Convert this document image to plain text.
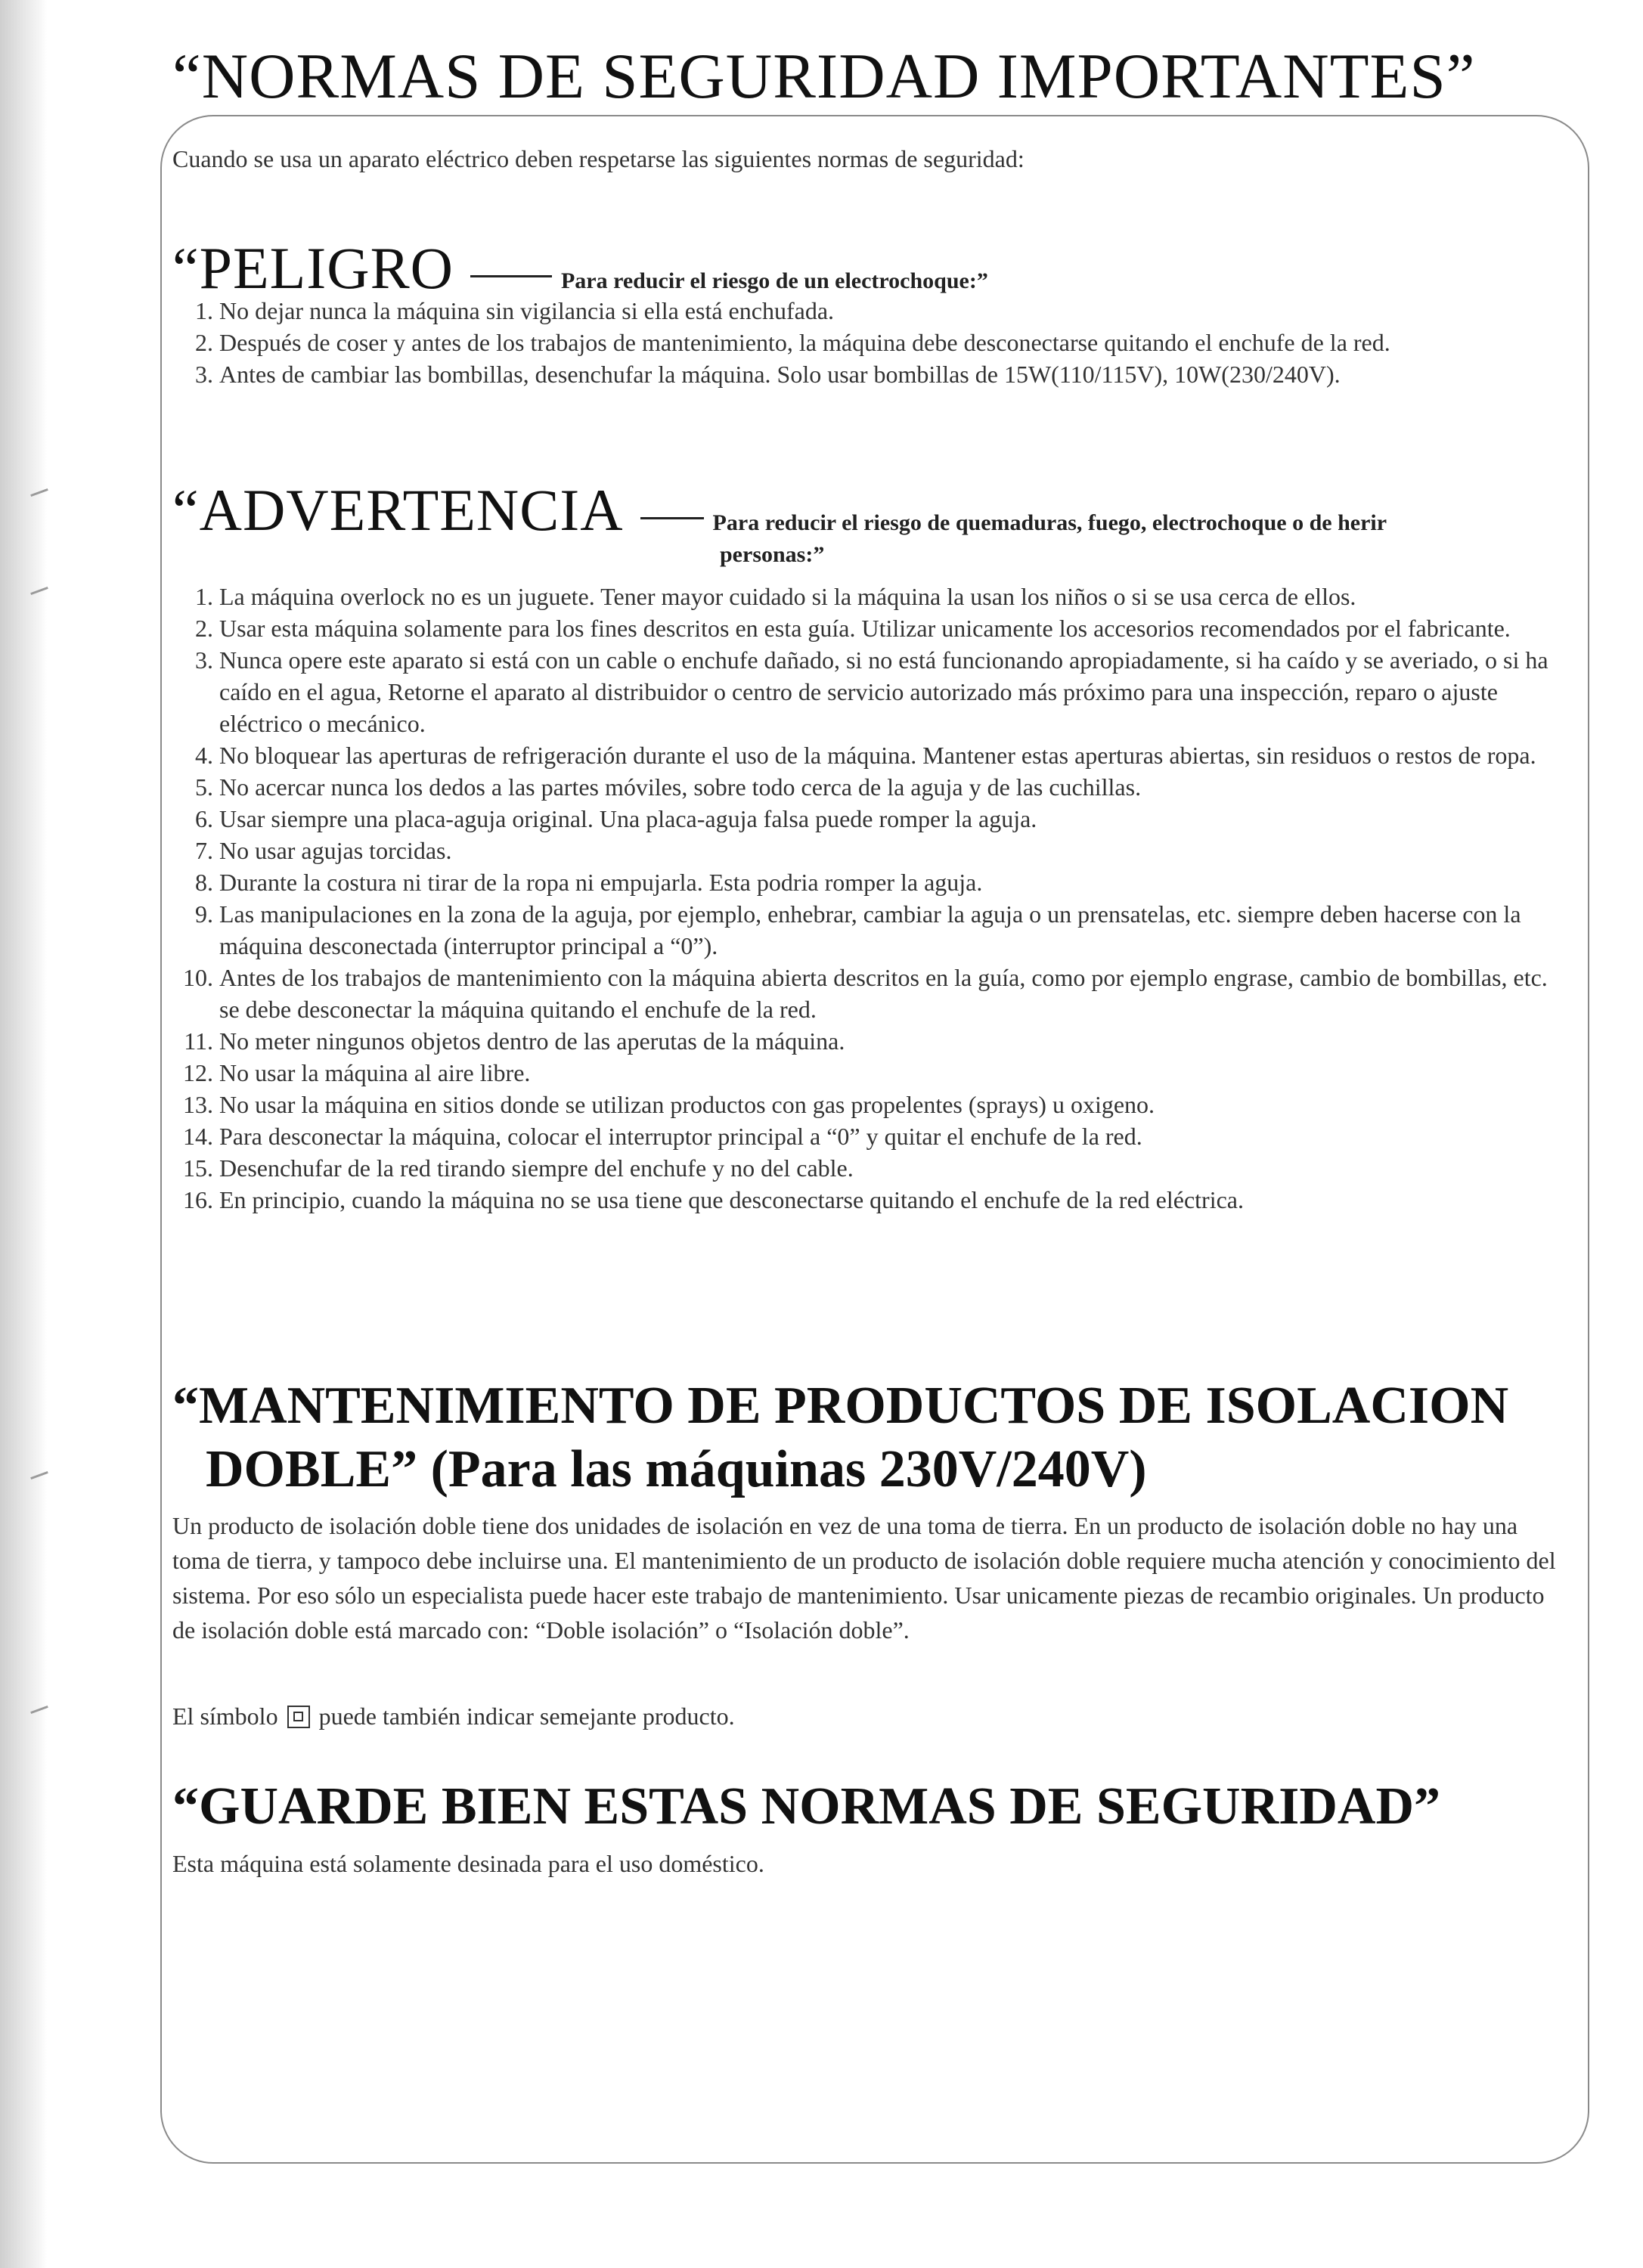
“NORMAS DE SEGURIDAD IMPORTANTES”
Cuando se usa un aparato eléctrico deben respetarse las siguientes normas de seguridad:
“PELIGRO	Para reducir el riesgo de un electrochoque:”
1. No dejar nunca la máquina sin vigilancia si ella está enchufada.
2. Después de coser y antes de los trabajos de mantenimiento, la máquina debe desconectarse quitando el enchufe de la red.
3. Antes de cambiar las bombillas, desenchufar la máquina. Solo usar bombillas de 15W(110/115V), 10W(230/240V).
“ADVERTENCIA	Para reducir el riesgo de quemaduras, fuego, electrochoque o de herir
personas:”
1. La máquina overlock no es un juguete. Tener mayor cuidado si la máquina la usan los niños o si se usa cerca de ellos.
2. Usar esta máquina solamente para los fines descritos en esta guía. Utilizar unicamente los accesorios recomendados por el fabricante.
3. Nunca opere este aparato si está con un cable o enchufe dañado, si no está funcionando apropiadamente, si ha caído y se averiado, o si ha caído en el agua, Retorne el aparato al distribuidor o centro de servicio autorizado más próximo para una inspección, reparo o ajuste eléctrico o mecánico.
4. No bloquear las aperturas de refrigeración durante el uso de la máquina. Mantener estas aperturas abiertas, sin residuos o restos de ropa.
5. No acercar nunca los dedos a las partes móviles, sobre todo cerca de la aguja y de las cuchillas.
6. Usar siempre una placa-aguja original. Una placa-aguja falsa puede romper la aguja.
7. No usar agujas torcidas.
8. Durante la costura ni tirar de la ropa ni empujarla. Esta podria romper la aguja.
9. Las manipulaciones en la zona de la aguja, por ejemplo, enhebrar, cambiar la aguja o un prensatelas, etc. siempre deben hacerse con la máquina desconectada (interruptor principal a “0”).
10. Antes de los trabajos de mantenimiento con la máquina abierta descritos en la guía, como por ejemplo engrase, cambio de bombillas, etc. se debe desconectar la máquina quitando el enchufe de la red.
11. No meter ningunos objetos dentro de las aperutas de la máquina.
12. No usar la máquina al aire libre.
13. No usar la máquina en sitios donde se utilizan productos con gas propelentes (sprays) u oxigeno.
14. Para desconectar la máquina, colocar el interruptor principal a “0” y quitar el enchufe de la red.
15. Desenchufar de la red tirando siempre del enchufe y no del cable.
16. En principio, cuando la máquina no se usa tiene que desconectarse quitando el enchufe de la red eléctrica.
“MANTENIMIENTO DE PRODUCTOS DE ISOLACION
DOBLE” (Para las máquinas 230V/240V)

Un producto de isolación doble tiene dos unidades de isolación en vez de una toma de tierra. En un producto de isolación doble no hay una toma de tierra, y tampoco debe incluirse una. El mantenimiento de un producto de isolación doble requiere mucha atención y conocimiento del sistema. Por eso sólo un especialista puede hacer este trabajo de mantenimiento. Usar unicamente piezas de recambio originales. Un producto de isolación doble está marcado con: “Doble isolación” o “Isolación doble”.

El símbolo puede también indicar semejante producto.
“GUARDE BIEN ESTAS NORMAS DE SEGURIDAD”

Esta máquina está solamente desinada para el uso doméstico.
